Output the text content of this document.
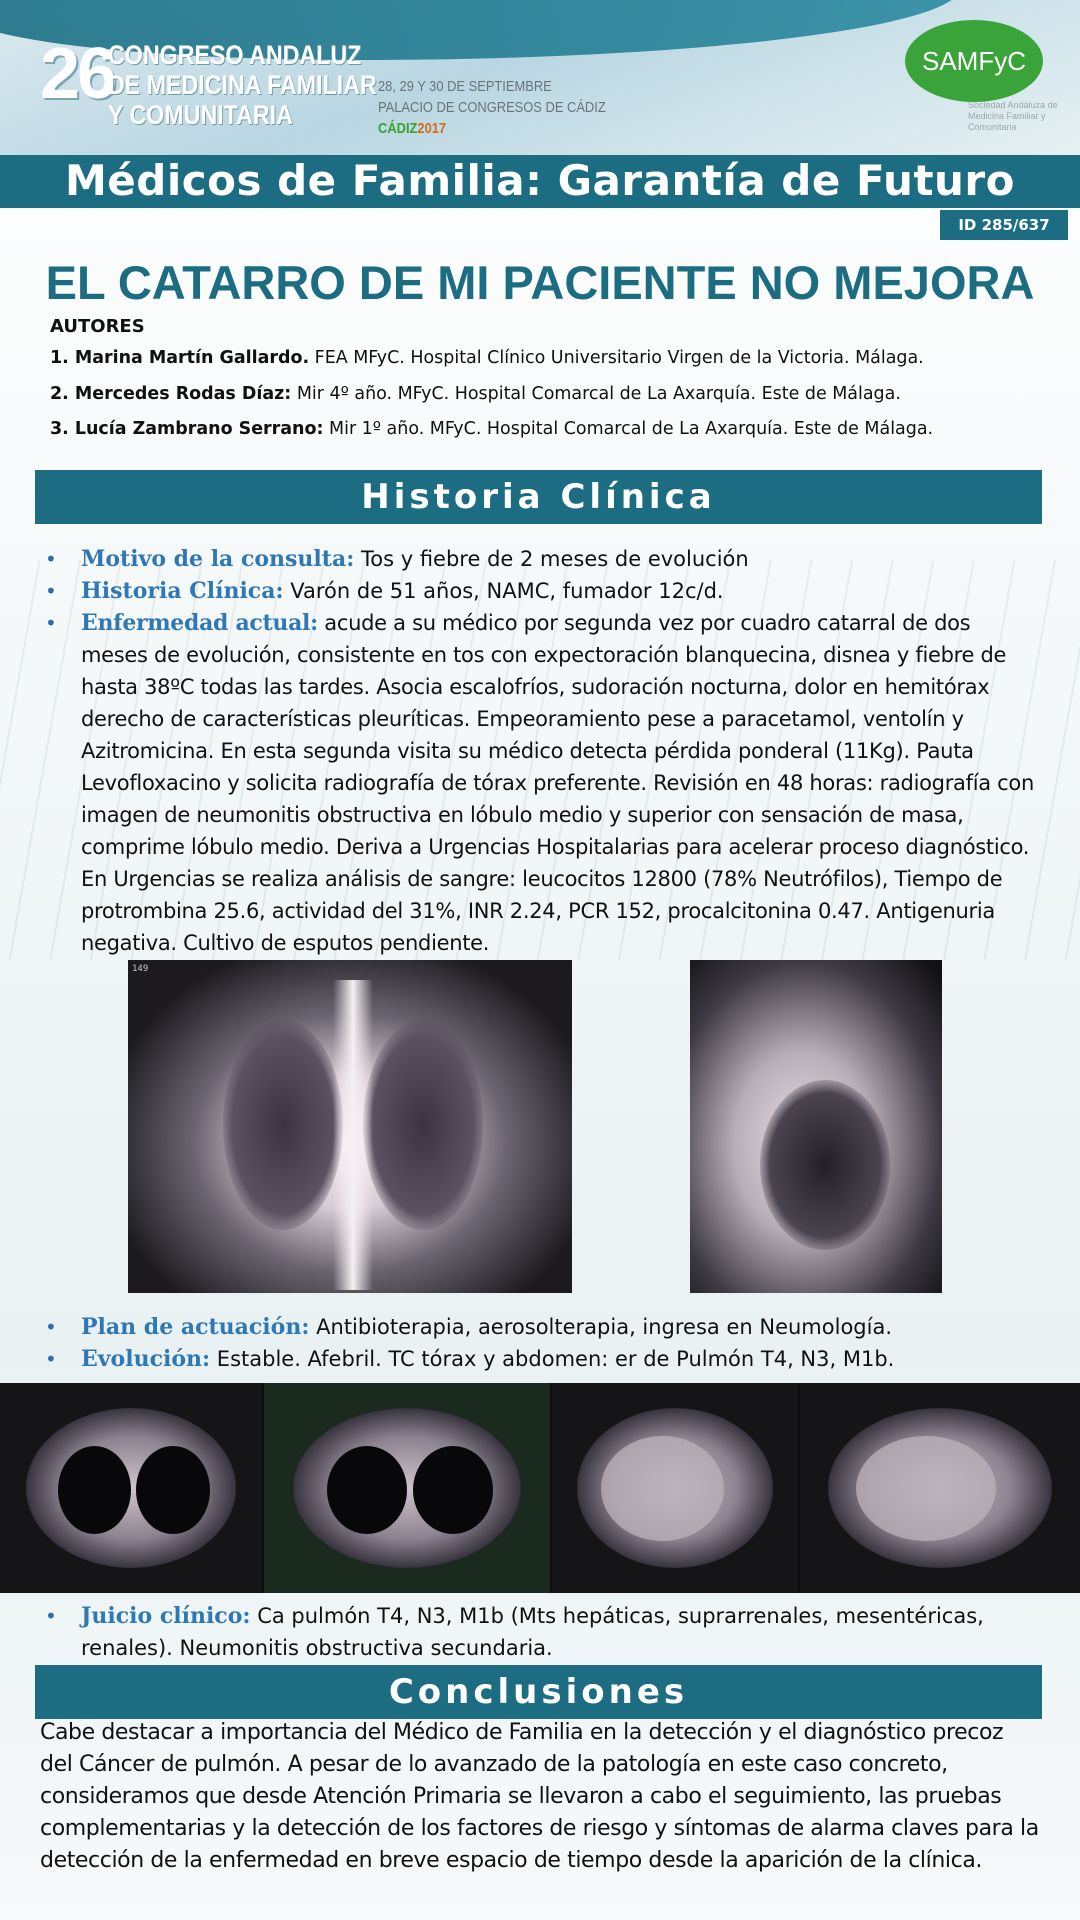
26
CONGRESO ANDALUZ
DE MEDICINA FAMILIAR
Y COMUNITARIA
28, 29 Y 30 DE SEPTIEMBRE
PALACIO DE CONGRESOS DE CÁDIZ
CÁDIZ2017
SAMFyC
Sociedad Andaluza de Medicina Familiar y Comunitaria
Médicos de Familia: Garantía de Futuro
ID 285/637
EL CATARRO DE MI PACIENTE NO MEJORA
AUTORES
1. Marina Martín Gallardo. FEA MFyC. Hospital Clínico Universitario Virgen de la Victoria. Málaga.
2. Mercedes Rodas Díaz: Mir 4º año. MFyC. Hospital Comarcal de La Axarquía. Este de Málaga.
3. Lucía Zambrano Serrano: Mir 1º año. MFyC. Hospital Comarcal de La Axarquía. Este de Málaga.
Historia Clínica
• Motivo de la consulta: Tos y fiebre de 2 meses de evolución
• Historia Clínica: Varón de 51 años, NAMC, fumador 12c/d.
• Enfermedad actual: acude a su médico por segunda vez por cuadro catarral de dos meses de evolución, consistente en tos con expectoración blanquecina, disnea y fiebre de hasta 38ºC todas las tardes. Asocia escalofríos, sudoración nocturna, dolor en hemitórax derecho de características pleuríticas. Empeoramiento pese a paracetamol, ventolín y Azitromicina. En esta segunda visita su médico detecta pérdida ponderal (11Kg). Pauta Levofloxacino y solicita radiografía de tórax preferente. Revisión en 48 horas: radiografía con imagen de neumonitis obstructiva en lóbulo medio y superior con sensación de masa, comprime lóbulo medio. Deriva a Urgencias Hospitalarias para acelerar proceso diagnóstico. En Urgencias se realiza análisis de sangre: leucocitos 12800 (78% Neutrófilos), Tiempo de protrombina 25.6, actividad del 31%, INR 2.24, PCR 152, procalcitonina 0.47. Antigenuria negativa. Cultivo de esputos pendiente.
149
• Plan de actuación: Antibioterapia, aerosolterapia, ingresa en Neumología.
• Evolución: Estable. Afebril. TC tórax y abdomen: er de Pulmón T4, N3, M1b.
• Juicio clínico: Ca pulmón T4, N3, M1b (Mts hepáticas, suprarrenales, mesentéricas, renales). Neumonitis obstructiva secundaria.
Conclusiones
Cabe destacar a importancia del Médico de Familia en la detección y el diagnóstico precoz del Cáncer de pulmón. A pesar de lo avanzado de la patología en este caso concreto, consideramos que desde Atención Primaria se llevaron a cabo el seguimiento, las pruebas complementarias y la detección de los factores de riesgo y síntomas de alarma claves para la detección de la enfermedad en breve espacio de tiempo desde la aparición de la clínica.
